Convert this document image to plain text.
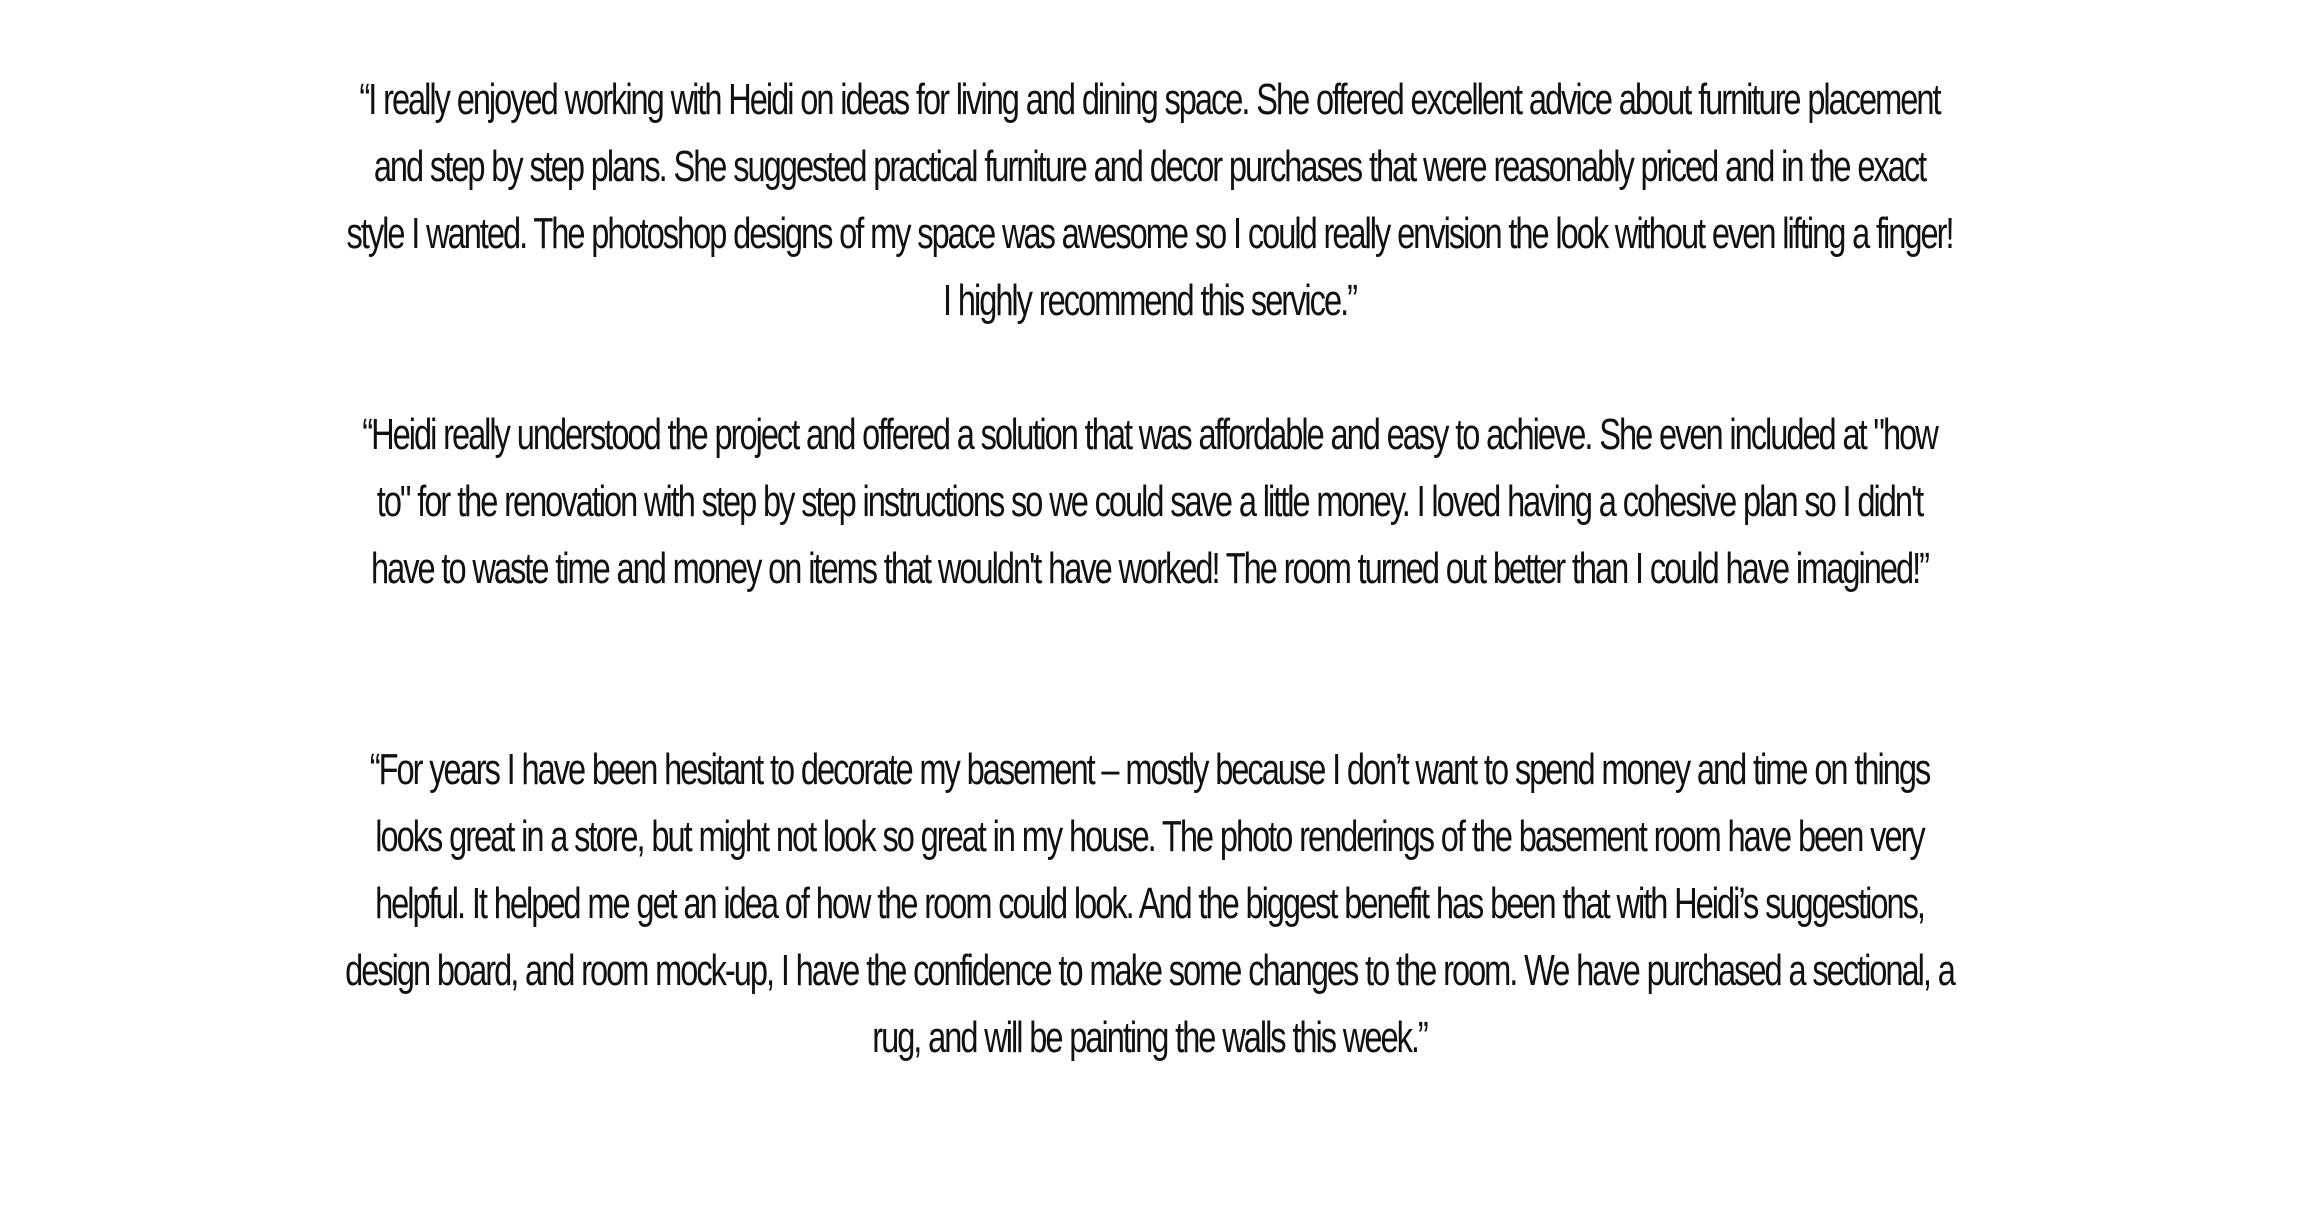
“I really enjoyed working with Heidi on ideas for living and dining space. She offered excellent advice about furniture placement and step by step plans. She suggested practical furniture and decor purchases that were reasonably priced and in the exact style I wanted. The photoshop designs of my space was awesome so I could really envision the look without even lifting a finger! I highly recommend this service.”

“Heidi really understood the project and offered a solution that was affordable and easy to achieve. She even included at "how to" for the renovation with step by step instructions so we could save a little money. I loved having a cohesive plan so I didn't have to waste time and money on items that wouldn't have worked! The room turned out better than I could have imagined!”

“For years I have been hesitant to decorate my basement – mostly because I don’t want to spend money and time on things looks great in a store, but might not look so great in my house. The photo renderings of the basement room have been very helpful. It helped me get an idea of how the room could look. And the biggest benefit has been that with Heidi’s suggestions, design board, and room mock-up, I have the confidence to make some changes to the room. We have purchased a sectional, a rug, and will be painting the walls this week.”
